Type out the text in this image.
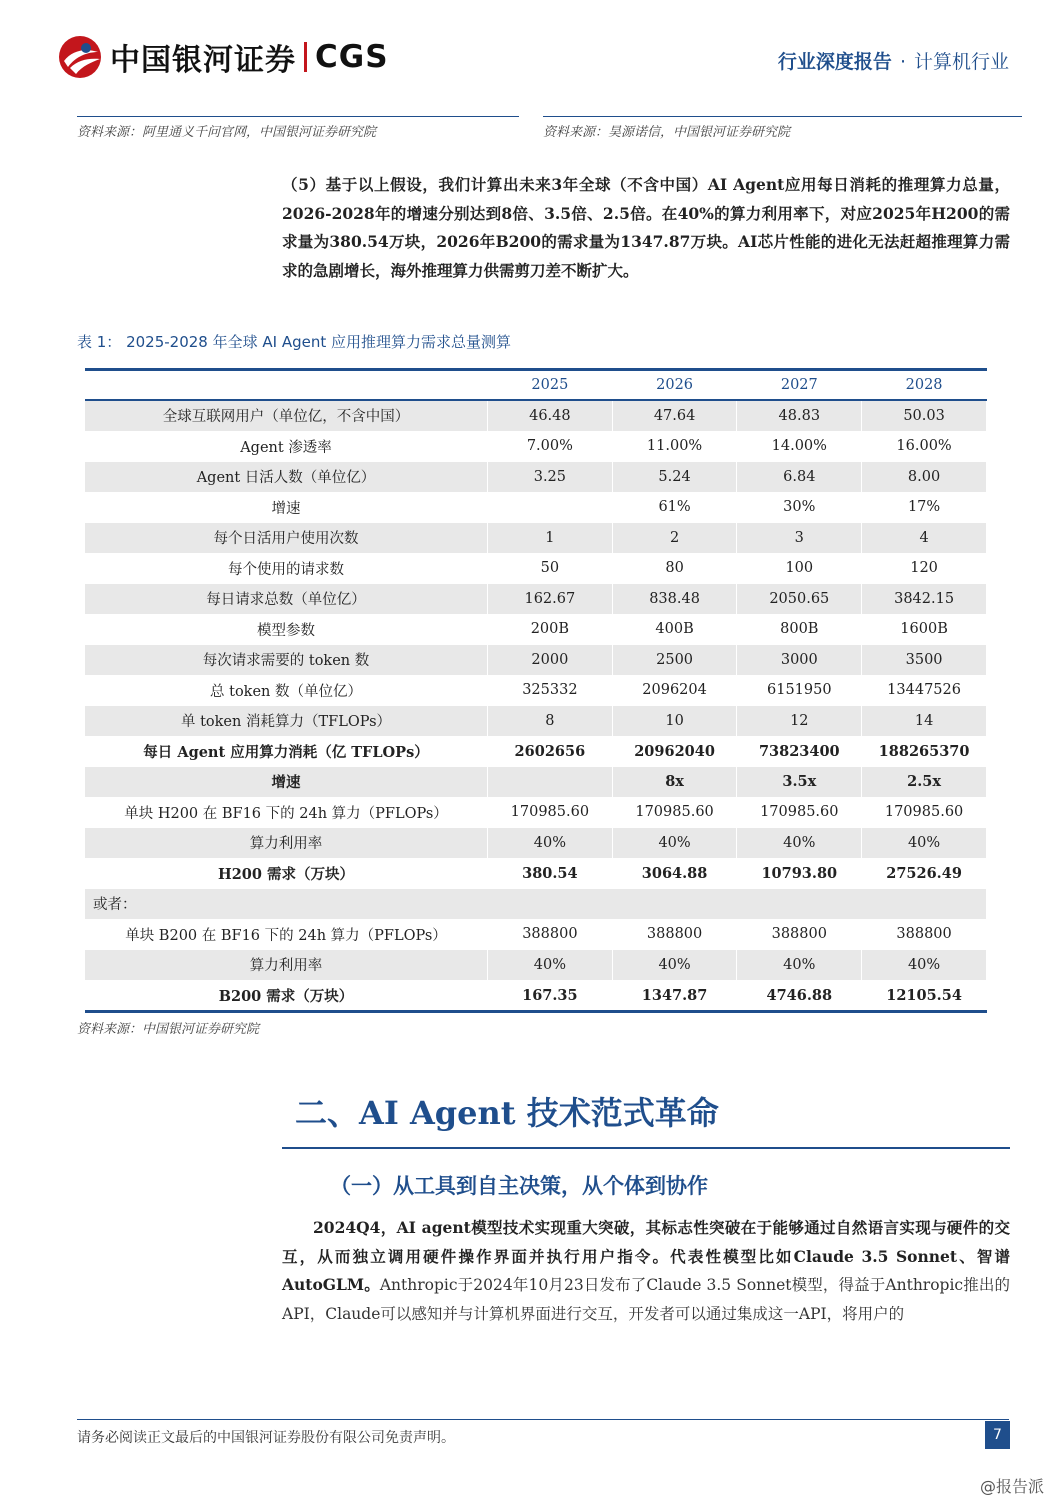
中国银河证券 CGS	行业深度报告 · 计算机行业
资料来源：阿里通义千问官网，中国银河证券研究院	资料来源：昊源诺信，中国银河证券研究院
（5）基于以上假设，我们计算出未来3年全球（不含中国）AI Agent应用每日消耗的推理算力总量，2026-2028年的增速分别达到8倍、3.5倍、2.5倍。在40%的算力利用率下，对应2025年H200的需求量为380.54万块，2026年B200的需求量为1347.87万块。AI芯片性能的进化无法赶超推理算力需求的急剧增长，海外推理算力供需剪刀差不断扩大。
表 1： 2025-2028 年全球 AI Agent 应用推理算力需求总量测算
	2025	2026	2027	2028
全球互联网用户（单位亿，不含中国）	46.48	47.64	48.83	50.03
Agent 渗透率	7.00%	11.00%	14.00%	16.00%
Agent 日活人数（单位亿）	3.25	5.24	6.84	8.00
增速		61%	30%	17%
每个日活用户使用次数	1	2	3	4
每个使用的请求数	50	80	100	120
每日请求总数（单位亿）	162.67	838.48	2050.65	3842.15
模型参数	200B	400B	800B	1600B
每次请求需要的 token 数	2000	2500	3000	3500
总 token 数（单位亿）	325332	2096204	6151950	13447526
单 token 消耗算力（TFLOPs）	8	10	12	14
每日 Agent 应用算力消耗（亿 TFLOPs）	2602656	20962040	73823400	188265370
增速		8x	3.5x	2.5x
单块 H200 在 BF16 下的 24h 算力（PFLOPs）	170985.60	170985.60	170985.60	170985.60
算力利用率	40%	40%	40%	40%
H200 需求（万块）	380.54	3064.88	10793.80	27526.49
或者：				
单块 B200 在 BF16 下的 24h 算力（PFLOPs）	388800	388800	388800	388800
算力利用率	40%	40%	40%	40%
B200 需求（万块）	167.35	1347.87	4746.88	12105.54
资料来源：中国银河证券研究院
二、AI Agent 技术范式革命
（一）从工具到自主决策，从个体到协作
2024Q4，AI agent模型技术实现重大突破，其标志性突破在于能够通过自然语言实现与硬件的交互，从而独立调用硬件操作界面并执行用户指令。代表性模型比如Claude 3.5 Sonnet、智谱AutoGLM。Anthropic于2024年10月23日发布了Claude 3.5 Sonnet模型，得益于Anthropic推出的API，Claude可以感知并与计算机界面进行交互，开发者可以通过集成这一API，将用户的
请务必阅读正文最后的中国银河证券股份有限公司免责声明。	7
@报告派
